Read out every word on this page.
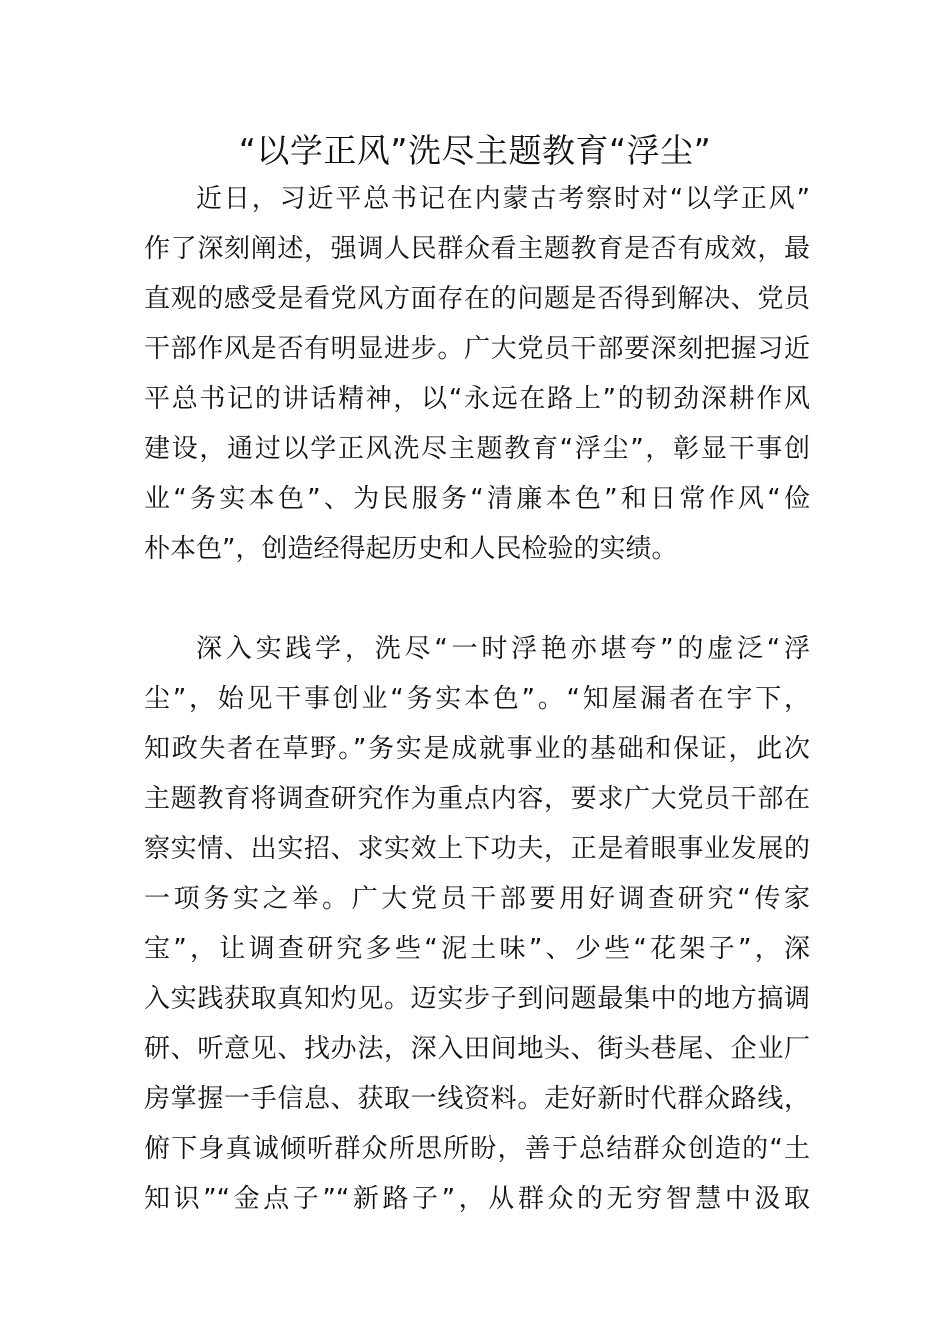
“以学正风”洗尽主题教育“浮尘”
近日，习近平总书记在内蒙古考察时对“以学正风”
作了深刻阐述，强调人民群众看主题教育是否有成效，最
直观的感受是看党风方面存在的问题是否得到解决、党员
干部作风是否有明显进步。广大党员干部要深刻把握习近
平总书记的讲话精神，以“永远在路上”的韧劲深耕作风
建设，通过以学正风洗尽主题教育“浮尘”，彰显干事创
业“务实本色”、为民服务“清廉本色”和日常作风“俭
朴本色”，创造经得起历史和人民检验的实绩。
深入实践学，洗尽“一时浮艳亦堪夸”的虚泛“浮
尘”，始见干事创业“务实本色”。“知屋漏者在宇下，
知政失者在草野。”务实是成就事业的基础和保证，此次
主题教育将调查研究作为重点内容，要求广大党员干部在
察实情、出实招、求实效上下功夫，正是着眼事业发展的
一项务实之举。广大党员干部要用好调查研究“传家
宝”，让调查研究多些“泥土味”、少些“花架子”，深
入实践获取真知灼见。迈实步子到问题最集中的地方搞调
研、听意见、找办法，深入田间地头、街头巷尾、企业厂
房掌握一手信息、获取一线资料。走好新时代群众路线，
俯下身真诚倾听群众所思所盼，善于总结群众创造的“土
知识”“金点子”“新路子”，从群众的无穷智慧中汲取
